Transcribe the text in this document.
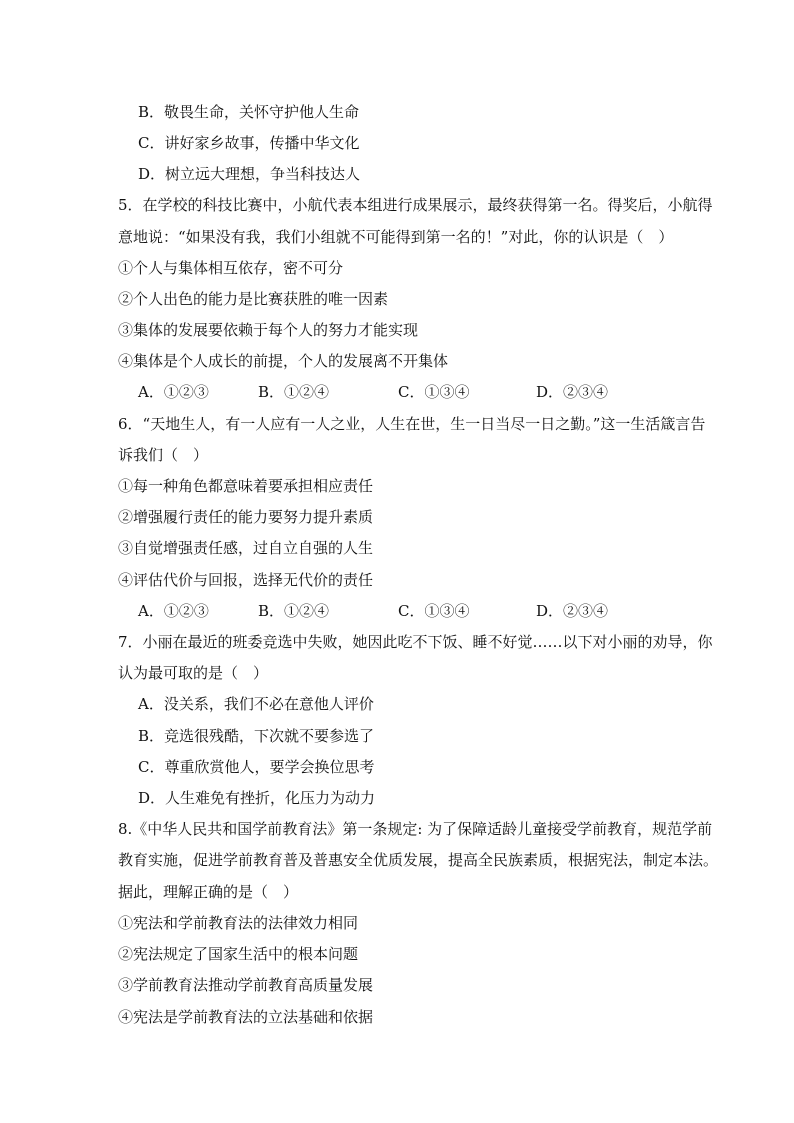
B．敬畏生命，关怀守护他人生命
C．讲好家乡故事，传播中华文化
D．树立远大理想，争当科技达人
5．在学校的科技比赛中，小航代表本组进行成果展示，最终获得第一名。得奖后，小航得
意地说：“如果没有我，我们小组就不可能得到第一名的！”对此，你的认识是（　）
①个人与集体相互依存，密不可分
②个人出色的能力是比赛获胜的唯一因素
③集体的发展要依赖于每个人的努力才能实现
④集体是个人成长的前提，个人的发展离不开集体
A．①②③	B．①②④	C．①③④	D．②③④
6．“天地生人，有一人应有一人之业，人生在世，生一日当尽一日之勤。”这一生活箴言告
诉我们（　）
①每一种角色都意味着要承担相应责任
②增强履行责任的能力要努力提升素质
③自觉增强责任感，过自立自强的人生
④评估代价与回报，选择无代价的责任
A．①②③	B．①②④	C．①③④	D．②③④
7．小丽在最近的班委竞选中失败，她因此吃不下饭、睡不好觉……以下对小丽的劝导，你
认为最可取的是（　）
A．没关系，我们不必在意他人评价
B．竞选很残酷，下次就不要参选了
C．尊重欣赏他人，要学会换位思考
D．人生难免有挫折，化压力为动力
8.《中华人民共和国学前教育法》第一条规定: 为了保障适龄儿童接受学前教育，规范学前
教育实施，促进学前教育普及普惠安全优质发展，提高全民族素质，根据宪法，制定本法。
据此，理解正确的是（　）
①宪法和学前教育法的法律效力相同
②宪法规定了国家生活中的根本问题
③学前教育法推动学前教育高质量发展
④宪法是学前教育法的立法基础和依据
